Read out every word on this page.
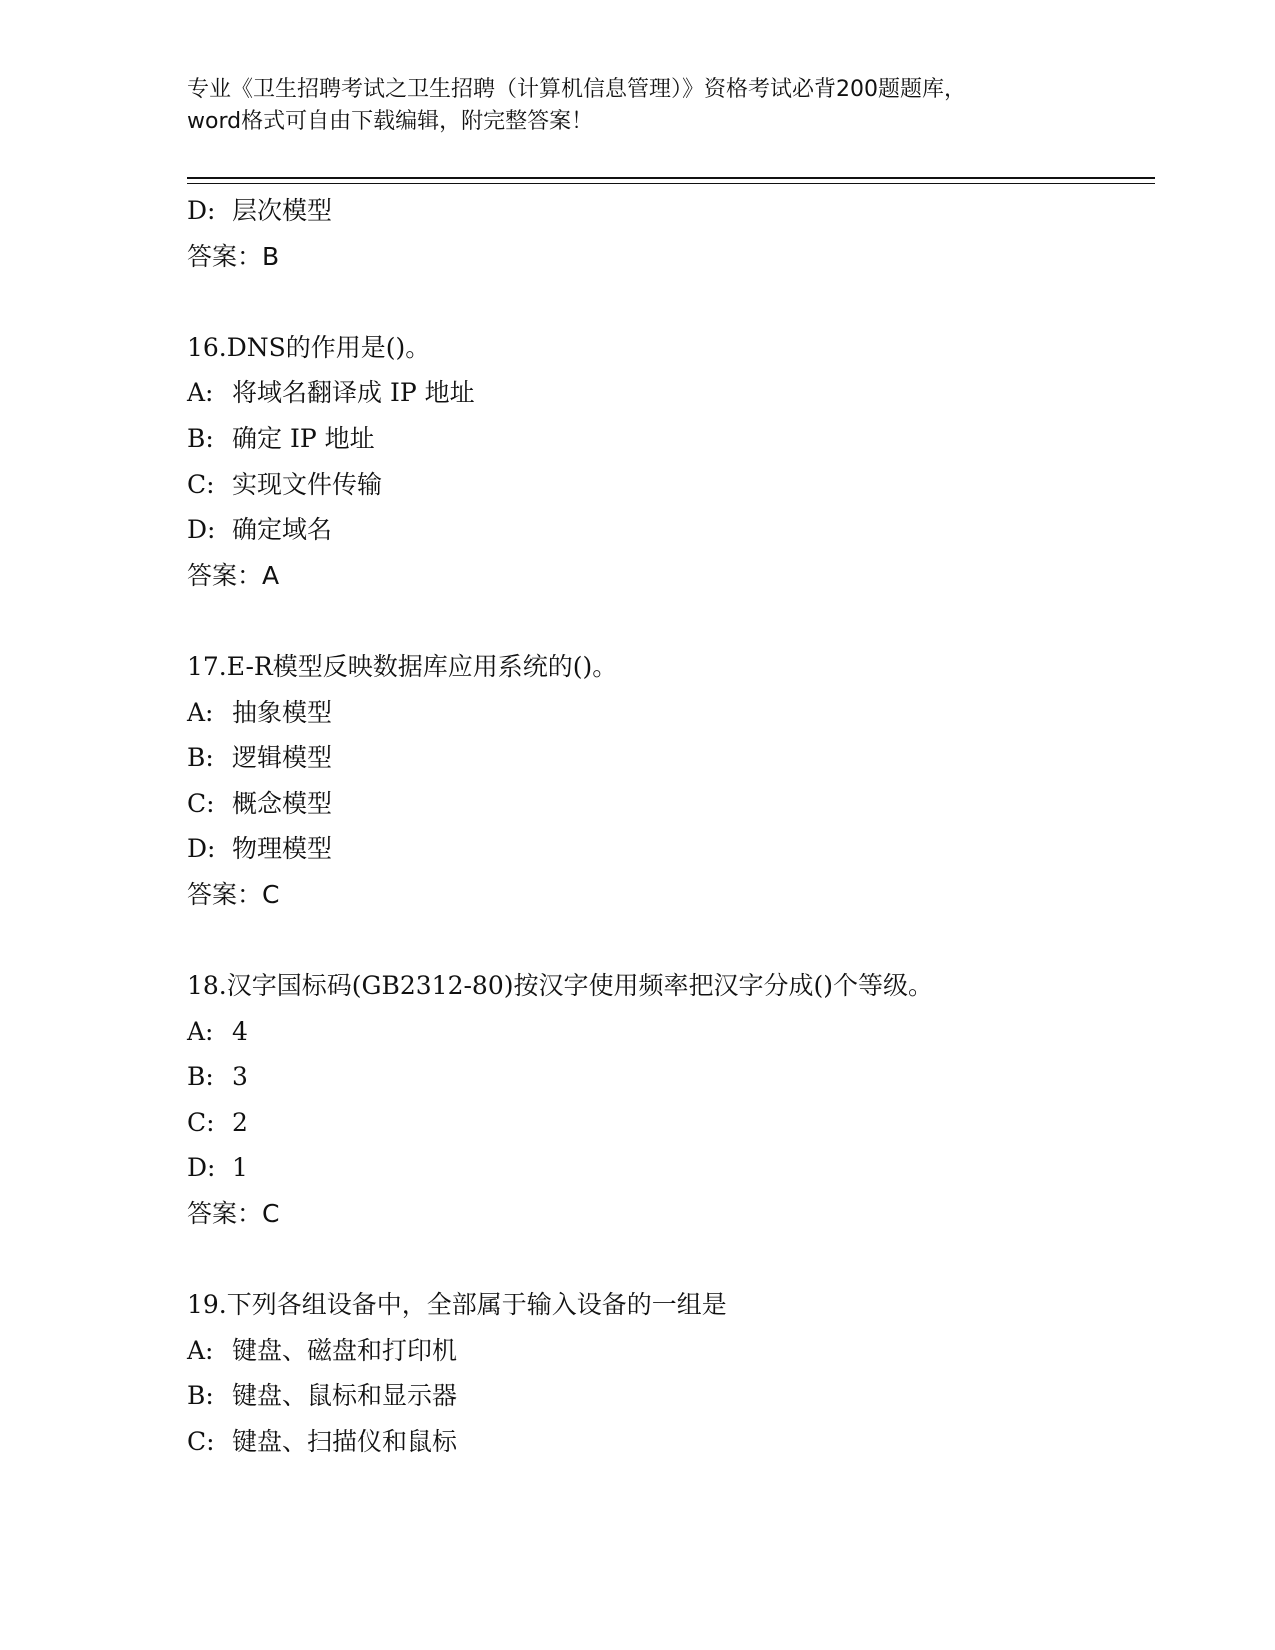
专业《卫生招聘考试之卫生招聘（计算机信息管理）》资格考试必背200题题库，
word格式可自由下载编辑，附完整答案！
D: 层次模型
答案：B
16.DNS的作用是()。
A: 将域名翻译成 IP 地址
B: 确定 IP 地址
C: 实现文件传输
D: 确定域名
答案：A
17.E-R模型反映数据库应用系统的()。
A: 抽象模型
B: 逻辑模型
C: 概念模型
D: 物理模型
答案：C
18.汉字国标码(GB2312-80)按汉字使用频率把汉字分成()个等级。
A: 4
B: 3
C: 2
D: 1
答案：C
19.下列各组设备中，全部属于输入设备的一组是
A: 键盘、磁盘和打印机
B: 键盘、鼠标和显示器
C: 键盘、扫描仪和鼠标
